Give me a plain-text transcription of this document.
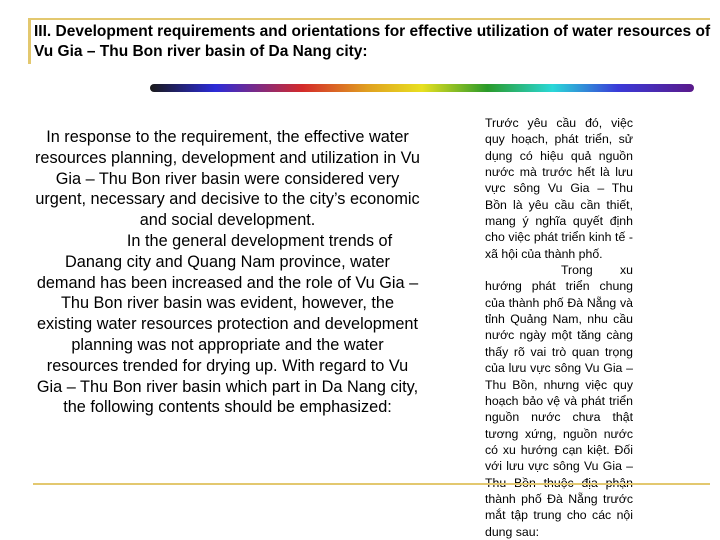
III. Development requirements and orientations for effective utilization of water resources of Vu Gia – Thu Bon river basin of Da Nang city:

In response to the requirement, the effective water resources planning, development and utilization in Vu Gia – Thu Bon river basin were considered very urgent, necessary and decisive to the city’s economic and social development.
In the general development trends of Danang city and Quang Nam province, water demand has been increased and the role of Vu Gia – Thu Bon river basin was evident, however, the existing water resources protection and development planning was not appropriate and the water resources trended for drying up. With regard to Vu Gia – Thu Bon river basin which part in Da Nang city, the following contents should be emphasized:

Trước yêu cầu đó, việc quy hoạch, phát triển, sử dụng có hiệu quả nguồn nước mà trước hết là lưu vực sông Vu Gia – Thu Bồn là yêu cầu cần thiết, mang ý nghĩa quyết định cho việc phát triển kinh tế - xã hội của thành phố.
Trong xu hướng phát triển chung của thành phố Đà Nẵng và tỉnh Quảng Nam, nhu cầu nước ngày một tăng càng thấy rõ vai trò quan trọng của lưu vực sông Vu Gia – Thu Bồn, nhưng việc quy hoạch bảo vệ và phát triển nguồn nước chưa thật tương xứng, nguồn nước có xu hướng cạn kiệt. Đối với lưu vực sông Vu Gia – thành phố Đà Nẵng trước mắt tập trung cho các nội dung sau:
